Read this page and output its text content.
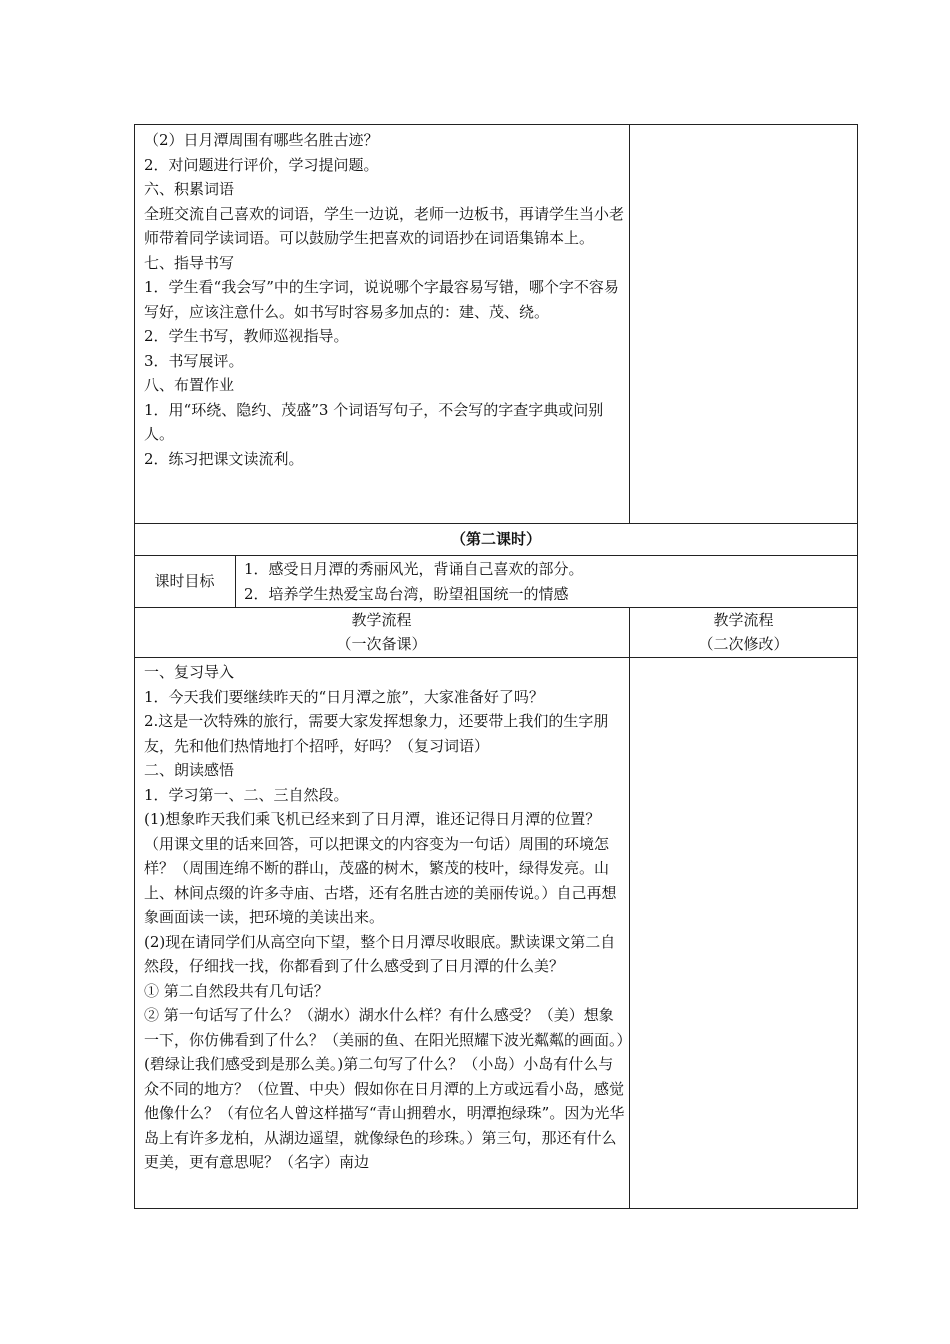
（2）日月潭周围有哪些名胜古迹？

2．对问题进行评价，学习提问题。

六、积累词语

全班交流自己喜欢的词语，学生一边说，老师一边板书，再请学生当小老师带着同学读词语。可以鼓励学生把喜欢的词语抄在词语集锦本上。

七、指导书写

1．学生看“我会写”中的生字词，说说哪个字最容易写错，哪个字不容易写好，应该注意什么。如书写时容易多加点的：建、茂、绕。

2．学生书写，教师巡视指导。

3．书写展评。

八、布置作业

1．用“环绕、隐约、茂盛”3 个词语写句子，不会写的字查字典或问别人。

2．练习把课文读流利。

（第二课时）
课时目标
1．感受日月潭的秀丽风光，背诵自己喜欢的部分。
2．培养学生热爱宝岛台湾，盼望祖国统一的情感
教学流程
（一次备课）
教学流程
（二次修改）

一、复习导入

1．今天我们要继续昨天的“日月潭之旅”，大家准备好了吗？

2.这是一次特殊的旅行，需要大家发挥想象力，还要带上我们的生字朋友，先和他们热情地打个招呼，好吗？（复习词语）

二、朗读感悟

1．学习第一、二、三自然段。

(1)想象昨天我们乘飞机已经来到了日月潭，谁还记得日月潭的位置？（用课文里的话来回答，可以把课文的内容变为一句话）周围的环境怎样？（周围连绵不断的群山，茂盛的树木，繁茂的枝叶，绿得发亮。山上、林间点缀的许多寺庙、古塔，还有名胜古迹的美丽传说。）自己再想象画面读一读，把环境的美读出来。

(2)现在请同学们从高空向下望，整个日月潭尽收眼底。默读课文第二自然段，仔细找一找，你都看到了什么感受到了日月潭的什么美？

① 第二自然段共有几句话？

② 第一句话写了什么？（湖水）湖水什么样？有什么感受？（美）想象一下，你仿佛看到了什么？（美丽的鱼、在阳光照耀下波光粼粼的画面。）(碧绿让我们感受到是那么美。)第二句写了什么？（小岛）小岛有什么与众不同的地方？（位置、中央）假如你在日月潭的上方或远看小岛，感觉他像什么？（有位名人曾这样描写“青山拥碧水，明潭抱绿珠”。因为光华岛上有许多龙柏，从湖边遥望，就像绿色的珍珠。）第三句，那还有什么更美，更有意思呢？（名字）南边
